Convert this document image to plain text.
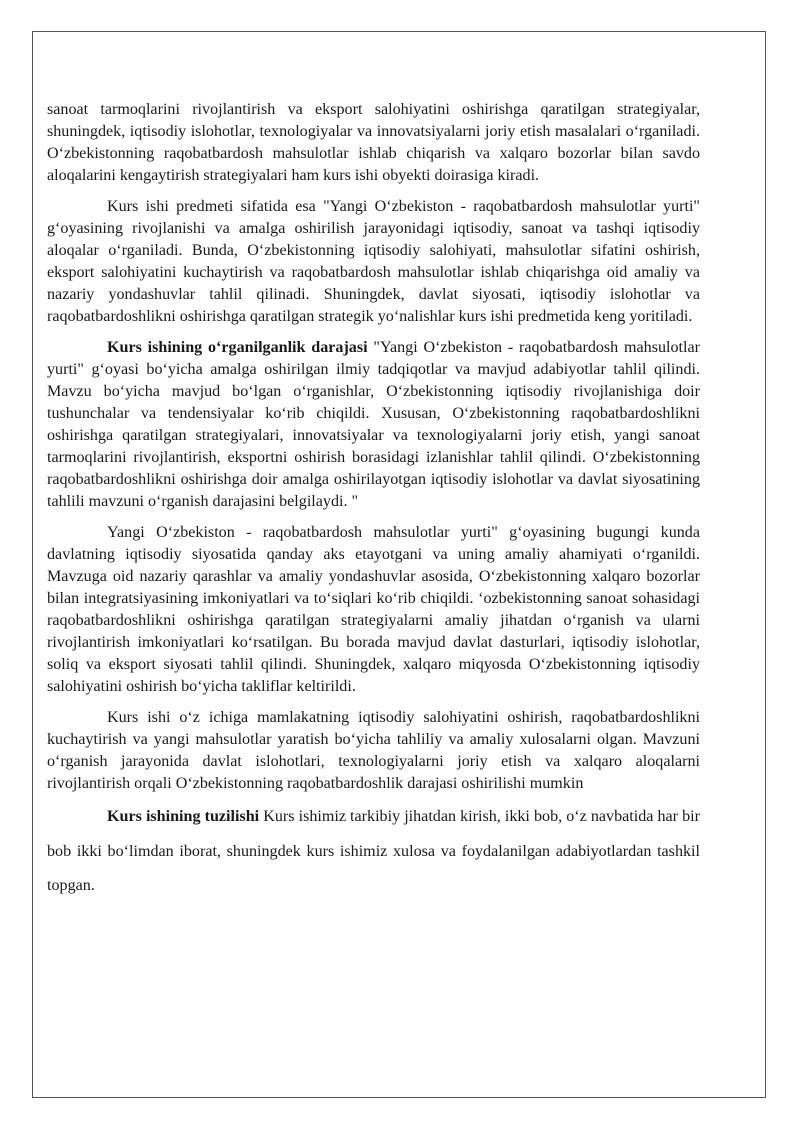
sanoat tarmoqlarini rivojlantirish va eksport salohiyatini oshirishga qaratilgan strategiyalar, shuningdek, iqtisodiy islohotlar, texnologiyalar va innovatsiyalarni joriy etish masalalari o‘rganiladi. O‘zbekistonning raqobatbardosh mahsulotlar ishlab chiqarish va xalqaro bozorlar bilan savdo aloqalarini kengaytirish strategiyalari ham kurs ishi obyekti doirasiga kiradi.

Kurs ishi predmeti sifatida esa "Yangi O‘zbekiston - raqobatbardosh mahsulotlar yurti" g‘oyasining rivojlanishi va amalga oshirilish jarayonidagi iqtisodiy, sanoat va tashqi iqtisodiy aloqalar o‘rganiladi. Bunda, O‘zbekistonning iqtisodiy salohiyati, mahsulotlar sifatini oshirish, eksport salohiyatini kuchaytirish va raqobatbardosh mahsulotlar ishlab chiqarishga oid amaliy va nazariy yondashuvlar tahlil qilinadi. Shuningdek, davlat siyosati, iqtisodiy islohotlar va raqobatbardoshlikni oshirishga qaratilgan strategik yo‘nalishlar kurs ishi predmetida keng yoritiladi.

Kurs ishining o‘rganilganlik darajasi "Yangi O‘zbekiston - raqobatbardosh mahsulotlar yurti" g‘oyasi bo‘yicha amalga oshirilgan ilmiy tadqiqotlar va mavjud adabiyotlar tahlil qilindi. Mavzu bo‘yicha mavjud bo‘lgan o‘rganishlar, O‘zbekistonning iqtisodiy rivojlanishiga doir tushunchalar va tendensiyalar ko‘rib chiqildi. Xususan, O‘zbekistonning raqobatbardoshlikni oshirishga qaratilgan strategiyalari, innovatsiyalar va texnologiyalarni joriy etish, yangi sanoat tarmoqlarini rivojlantirish, eksportni oshirish borasidagi izlanishlar tahlil qilindi. O‘zbekistonning raqobatbardoshlikni oshirishga doir amalga oshirilayotgan iqtisodiy islohotlar va davlat siyosatining tahlili mavzuni o‘rganish darajasini belgilaydi. "

Yangi O‘zbekiston - raqobatbardosh mahsulotlar yurti" g‘oyasining bugungi kunda davlatning iqtisodiy siyosatida qanday aks etayotgani va uning amaliy ahamiyati o‘rganildi. Mavzuga oid nazariy qarashlar va amaliy yondashuvlar asosida, O‘zbekistonning xalqaro bozorlar bilan integratsiyasining imkoniyatlari va to‘siqlari ko‘rib chiqildi. ‘ozbekistonning sanoat sohasidagi raqobatbardoshlikni oshirishga qaratilgan strategiyalarni amaliy jihatdan o‘rganish va ularni rivojlantirish imkoniyatlari ko‘rsatilgan. Bu borada mavjud davlat dasturlari, iqtisodiy islohotlar, soliq va eksport siyosati tahlil qilindi. Shuningdek, xalqaro miqyosda O‘zbekistonning iqtisodiy salohiyatini oshirish bo‘yicha takliflar keltirildi.

Kurs ishi o‘z ichiga mamlakatning iqtisodiy salohiyatini oshirish, raqobatbardoshlikni kuchaytirish va yangi mahsulotlar yaratish bo‘yicha tahliliy va amaliy xulosalarni olgan. Mavzuni o‘rganish jarayonida davlat islohotlari, texnologiyalarni joriy etish va xalqaro aloqalarni rivojlantirish orqali O‘zbekistonning raqobatbardoshlik darajasi oshirilishi mumkin

Kurs ishining tuzilishi Kurs ishimiz tarkibiy jihatdan kirish, ikki bob, o‘z navbatida har bir bob ikki bo‘limdan iborat, shuningdek kurs ishimiz xulosa va foydalanilgan adabiyotlardan tashkil topgan.
